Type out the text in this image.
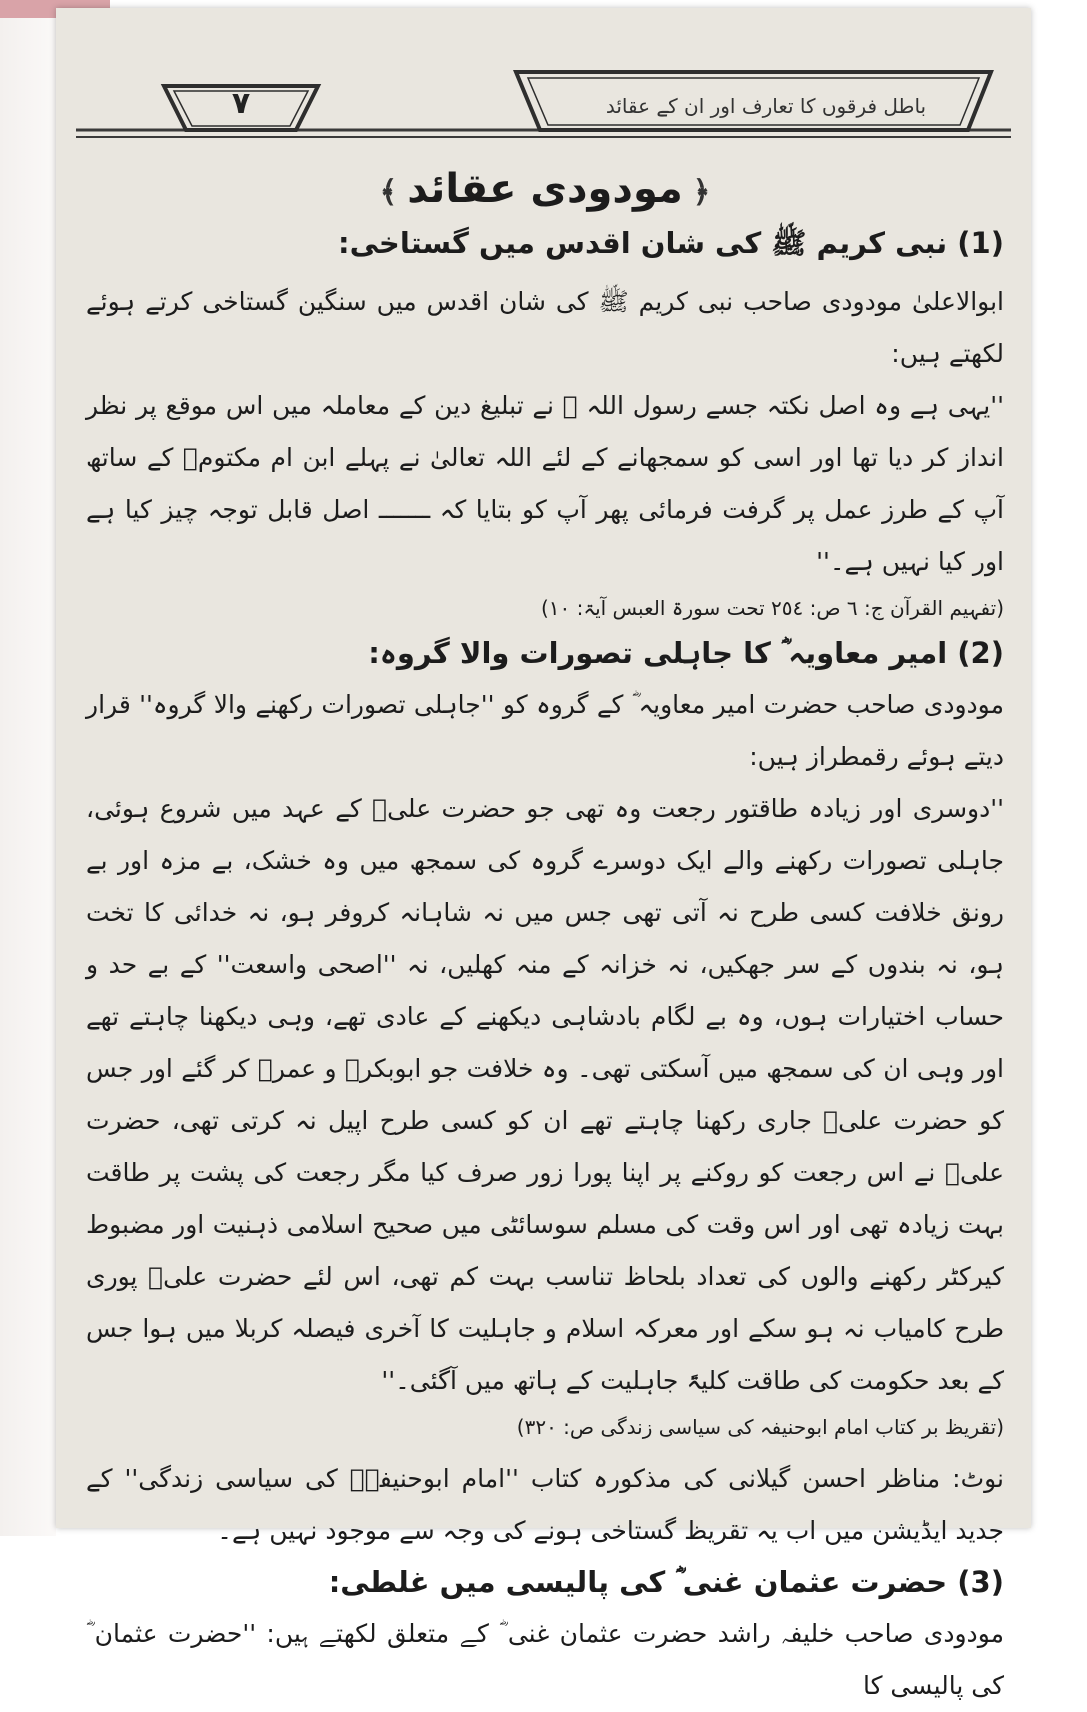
۷	باطل فرقوں کا تعارف اور ان کے عقائد
﴿مودودی عقائد﴾
(1) نبی کریم ﷺ کی شان اقدس میں گستاخی:

ابوالاعلیٰ مودودی صاحب نبی کریم ﷺ کی شان اقدس میں سنگین گستاخی کرتے ہوئے لکھتے ہیں:

''یہی ہے وہ اصل نکتہ جسے رسول اللہ ﷺ نے تبلیغ دین کے معاملہ میں اس موقع پر نظر انداز کر دیا تھا اور اسی کو سمجھانے کے لئے اللہ تعالیٰ نے پہلے ابن ام مکتومؓ کے ساتھ آپ کے طرز عمل پر گرفت فرمائی پھر آپ کو بتایا کہ ـــــــ اصل قابل توجہ چیز کیا ہے اور کیا نہیں ہے۔''

(تفہیم القرآن ج: ٦ ص: ٢٥٤ تحت سورۃ العبس آیۃ: ١٠)

(2) امیر معاویہ ؓ کا جاہلی تصورات والا گروہ:

مودودی صاحب حضرت امیر معاویہ ؓ کے گروہ کو ''جاہلی تصورات رکھنے والا گروہ'' قرار دیتے ہوئے رقمطراز ہیں:

''دوسری اور زیادہ طاقتور رجعت وہ تھی جو حضرت علیؓ کے عہد میں شروع ہوئی، جاہلی تصورات رکھنے والے ایک دوسرے گروہ کی سمجھ میں وہ خشک، بے مزہ اور بے رونق خلافت کسی طرح نہ آتی تھی جس میں نہ شاہانہ کروفر ہو، نہ خدائی کا تخت ہو، نہ بندوں کے سر جھکیں، نہ خزانہ کے منہ کھلیں، نہ ''اصحی واسعت'' کے بے حد و حساب اختیارات ہوں، وہ بے لگام بادشاہی دیکھنے کے عادی تھے، وہی دیکھنا چاہتے تھے اور وہی ان کی سمجھ میں آسکتی تھی۔ وہ خلافت جو ابوبکرؓ و عمرؓ کر گئے اور جس کو حضرت علیؓ جاری رکھنا چاہتے تھے ان کو کسی طرح اپیل نہ کرتی تھی، حضرت علیؓ نے اس رجعت کو روکنے پر اپنا پورا زور صرف کیا مگر رجعت کی پشت پر طاقت بہت زیادہ تھی اور اس وقت کی مسلم سوسائٹی میں صحیح اسلامی ذہنیت اور مضبوط کیرکٹر رکھنے والوں کی تعداد بلحاظ تناسب بہت کم تھی، اس لئے حضرت علیؓ پوری طرح کامیاب نہ ہو سکے اور معرکہ اسلام و جاہلیت کا آخری فیصلہ کربلا میں ہوا جس کے بعد حکومت کی طاقت کلیۃً جاہلیت کے ہاتھ میں آگئی۔''

(تقریظ بر کتاب امام ابوحنیفہ کی سیاسی زندگی ص: ٣٢٠)

نوٹ: مناظر احسن گیلانی کی مذکورہ کتاب ''امام ابوحنیفہؒ کی سیاسی زندگی'' کے جدید ایڈیشن میں اب یہ تقریظ گستاخی ہونے کی وجہ سے موجود نہیں ہے۔

(3) حضرت عثمان غنی ؓ کی پالیسی میں غلطی:

مودودی صاحب خلیفہ راشد حضرت عثمان غنی ؓ کے متعلق لکھتے ہیں: ''حضرت عثمان ؓ کی پالیسی کا
